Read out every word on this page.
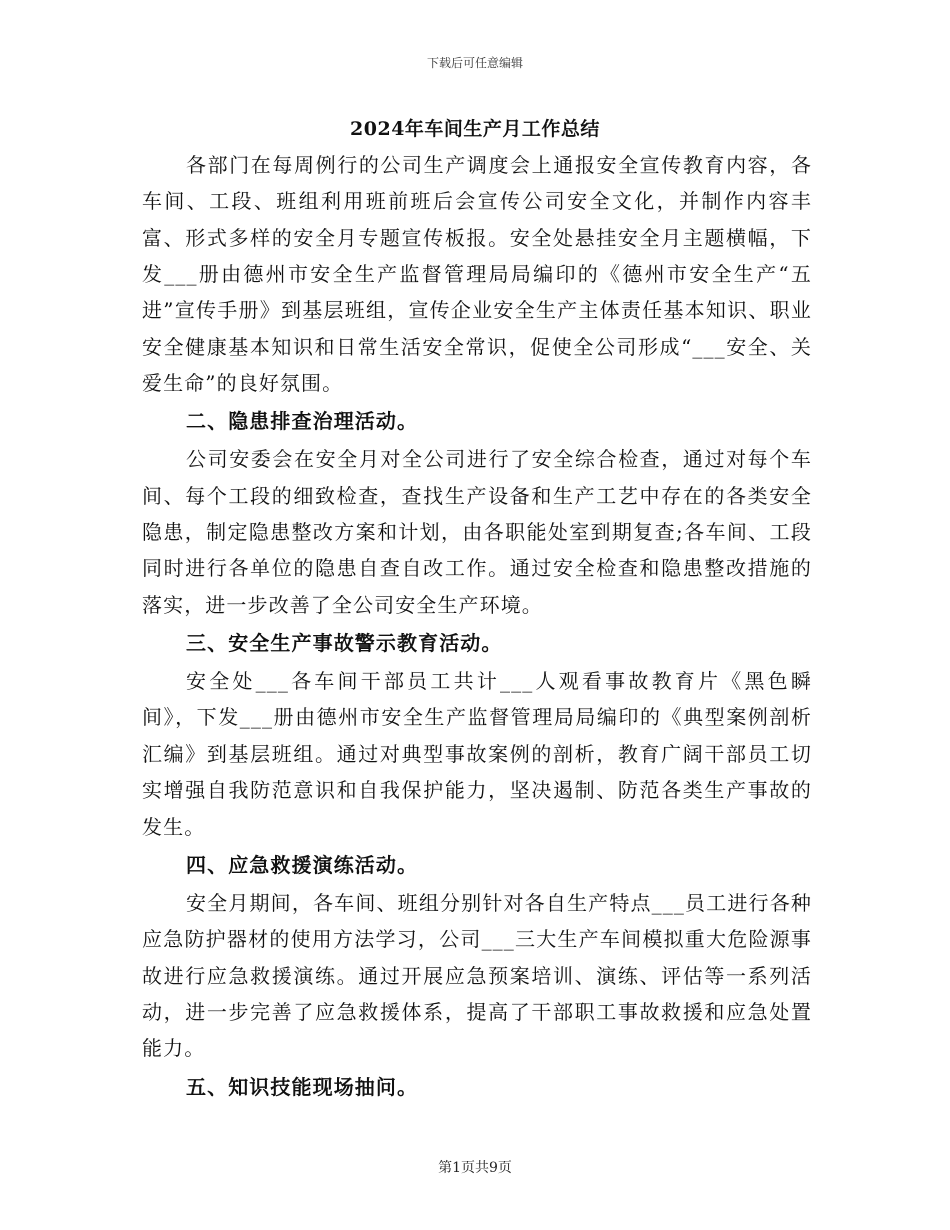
下载后可任意编辑
2024年车间生产月工作总结

各部门在每周例行的公司生产调度会上通报安全宣传教育内容，各车间、工段、班组利用班前班后会宣传公司安全文化，并制作内容丰富、形式多样的安全月专题宣传板报。安全处悬挂安全月主题横幅，下发___册由德州市安全生产监督管理局局编印的《德州市安全生产“五进”宣传手册》到基层班组，宣传企业安全生产主体责任基本知识、职业安全健康基本知识和日常生活安全常识，促使全公司形成“___安全、关爱生命”的良好氛围。

二、隐患排查治理活动。

公司安委会在安全月对全公司进行了安全综合检查，通过对每个车间、每个工段的细致检查，查找生产设备和生产工艺中存在的各类安全隐患，制定隐患整改方案和计划，由各职能处室到期复查;各车间、工段同时进行各单位的隐患自查自改工作。通过安全检查和隐患整改措施的落实，进一步改善了全公司安全生产环境。

三、安全生产事故警示教育活动。

安全处___各车间干部员工共计___人观看事故教育片《黑色瞬间》，下发___册由德州市安全生产监督管理局局编印的《典型案例剖析汇编》到基层班组。通过对典型事故案例的剖析，教育广阔干部员工切实增强自我防范意识和自我保护能力，坚决遏制、防范各类生产事故的发生。

四、应急救援演练活动。

安全月期间，各车间、班组分别针对各自生产特点___员工进行各种应急防护器材的使用方法学习，公司___三大生产车间模拟重大危险源事故进行应急救援演练。通过开展应急预案培训、演练、评估等一系列活动，进一步完善了应急救援体系，提高了干部职工事故救援和应急处置能力。

五、知识技能现场抽问。

第1页共9页
